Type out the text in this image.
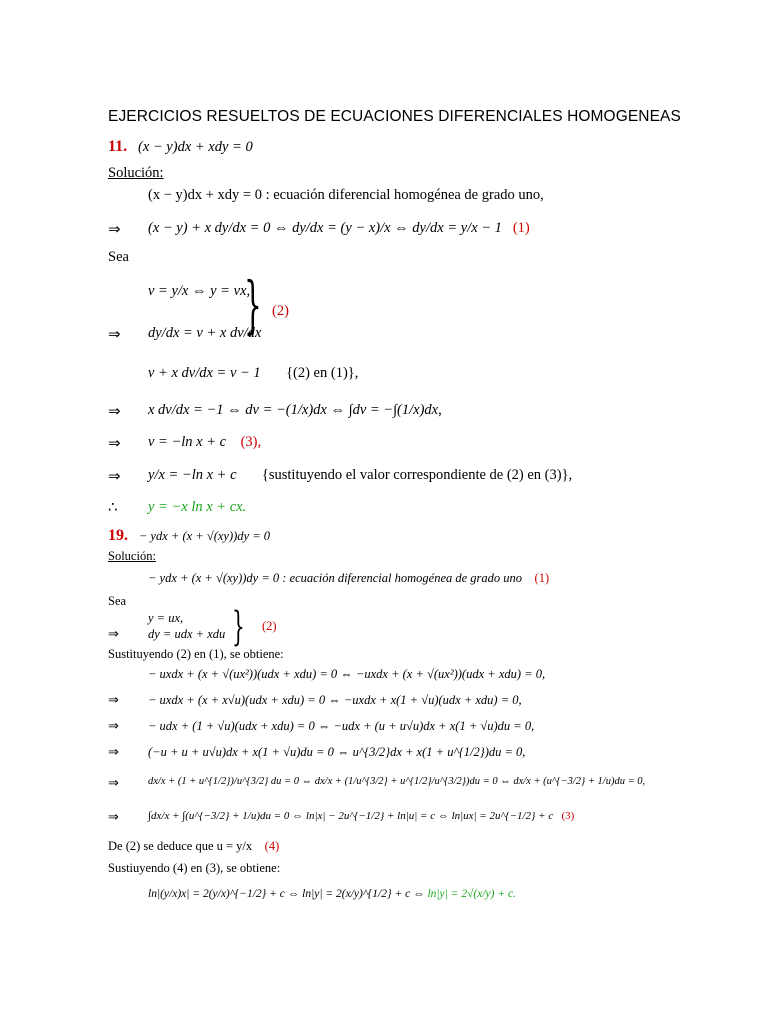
EJERCICIOS RESUELTOS DE ECUACIONES DIFERENCIALES HOMOGENEAS
11. (x − y)dx + xdy = 0
Solución:
(x − y)dx + xdy = 0 : ecuación diferencial homogénea de grado uno,
⇒ (x − y) + x dy/dx = 0 ⇔ dy/dx = (y − x)/x ⇔ dy/dx = y/x − 1 (1)
Sea
v = y/x ⇔ y = vx,
} (2)
⇒ dy/dx = v + x dv/dx
v + x dv/dx = v − 1 {(2) en (1)},
⇒ x dv/dx = −1 ⇔ dv = −(1/x)dx ⇔ ∫dv = −∫(1/x)dx,
⇒ v = −ln x + c (3),
⇒ y/x = −ln x + c {sustituyendo el valor correspondiente de (2) en (3)},
∴ y = −x ln x + cx.
19. − ydx + (x + √(xy))dy = 0
Solución:
− ydx + (x + √(xy))dy = 0 : ecuación diferencial homogénea de grado uno (1)
Sea
y = ux, } (2)
⇒ dy = udx + xdu
Sustituyendo (2) en (1), se obtiene:
− uxdx + (x + √(ux²))(udx + xdu) = 0 ⇔ −uxdx + (x + √(ux²))(udx + xdu) = 0,
⇒ − uxdx + (x + x√u)(udx + xdu) = 0 ⇔ −uxdx + x(1 + √u)(udx + xdu) = 0,
⇒ − udx + (1 + √u)(udx + xdu) = 0 ⇔ −udx + (u + u√u)dx + x(1 + √u)du = 0,
⇒ (−u + u + u√u)dx + x(1 + √u)du = 0 ⇔ u^{3/2}dx + x(1 + u^{1/2})du = 0,
⇒	dx/x + (1 + u^{1/2})/u^{3/2} du = 0 ⇔ dx/x + (1/u^{3/2} + u^{1/2}/u^{3/2})du = 0 ⇔ dx/x + (u^{−3/2} + 1/u)du = 0,
⇒	∫dx/x + ∫(u^{−3/2} + 1/u)du = 0 ⇔ ln|x| − 2u^{−1/2} + ln|u| = c ⇔ ln|ux| = 2u^{−1/2} + c (3)
De (2) se deduce que u = y/x (4)
Sustiuyendo (4) en (3), se obtiene:
ln|(y/x)x| = 2(y/x)^{−1/2} + c ⇔ ln|y| = 2(x/y)^{1/2} + c ⇔ ln|y| = 2√(x/y) + c.
